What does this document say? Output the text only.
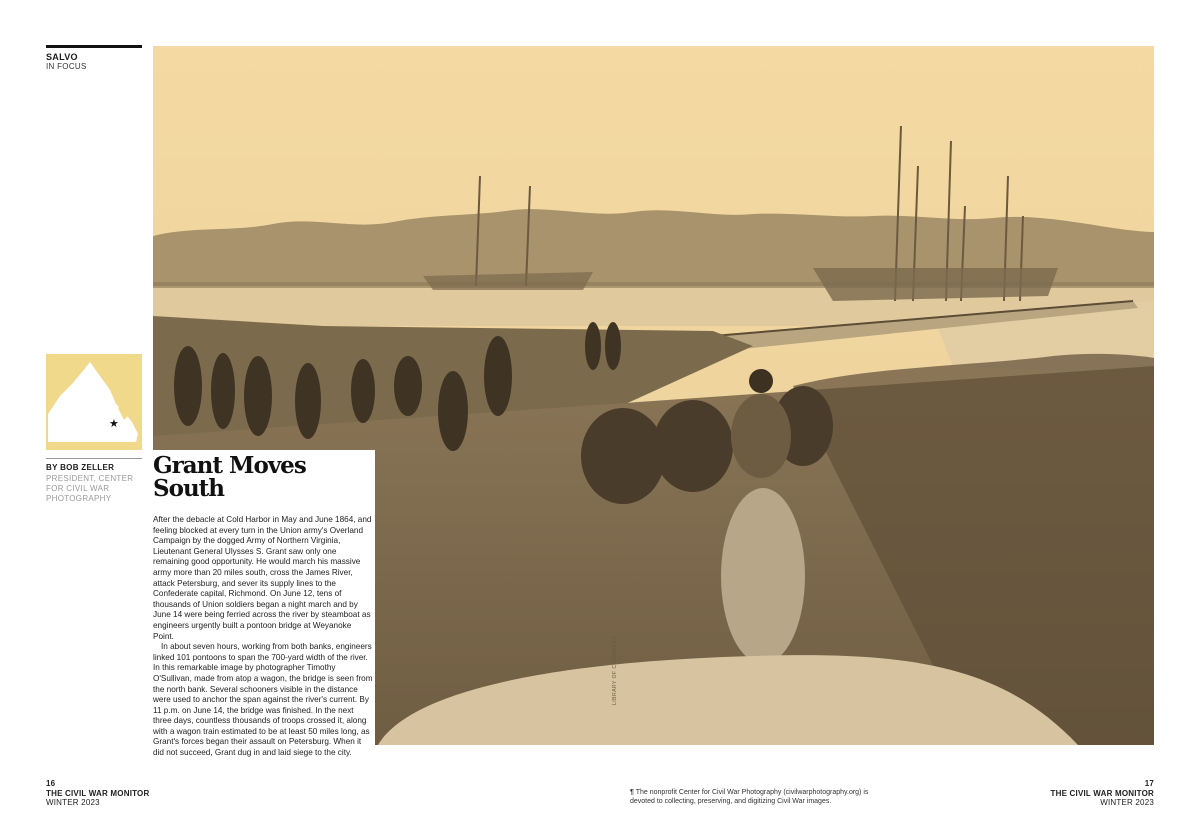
SALVO
IN FOCUS
★
BY BOB ZELLER
PRESIDENT, CENTER FOR CIVIL WAR PHOTOGRAPHY
Grant Moves
South

After the debacle at Cold Harbor in May and June 1864, and feeling blocked at every turn in the Union army's Overland Campaign by the dogged Army of Northern Virginia, Lieutenant General Ulysses S. Grant saw only one remaining good opportunity. He would march his massive army more than 20 miles south, cross the James River, attack Petersburg, and sever its supply lines to the Confederate capital, Richmond. On June 12, tens of thousands of Union soldiers began a night march and by June 14 were being ferried across the river by steamboat as engineers urgently built a pontoon bridge at Weyanoke Point.

In about seven hours, working from both banks, engineers linked 101 pontoons to span the 700-yard width of the river. In this remarkable image by photographer Timothy O'Sullivan, made from atop a wagon, the bridge is seen from the north bank. Several schooners visible in the distance were used to anchor the span against the river's current. By 11 p.m. on June 14, the bridge was finished. In the next three days, countless thousands of troops crossed it, along with a wagon train estimated to be at least 50 miles long, as Grant's forces began their assault on Petersburg. When it did not succeed, Grant dug in and laid siege to the city.

LIBRARY OF CONGRESS
16
THE CIVIL WAR MONITOR
WINTER 2023
¶ The nonprofit Center for Civil War Photography (civilwarphotography.org) is devoted to collecting, preserving, and digitizing Civil War images.
17
THE CIVIL WAR MONITOR
WINTER 2023
